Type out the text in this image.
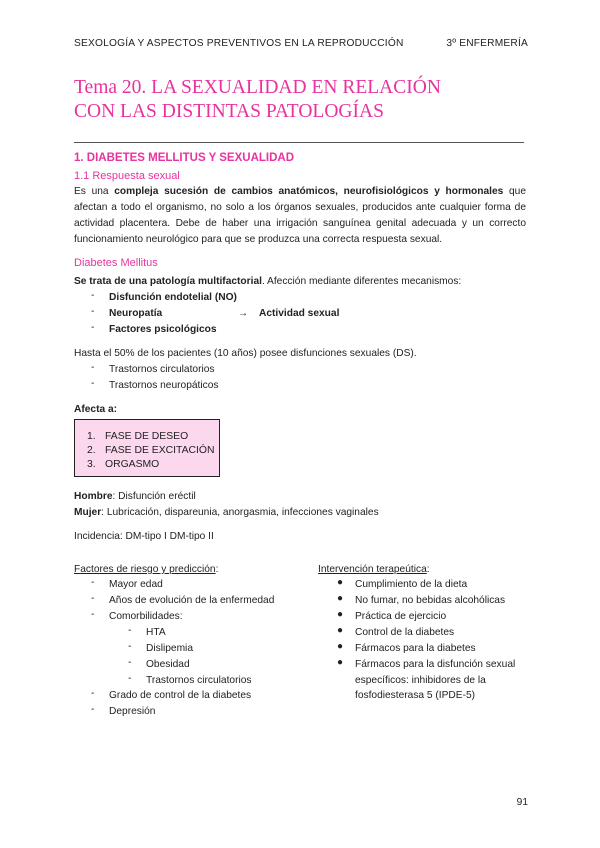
SEXOLOGÍA Y ASPECTOS PREVENTIVOS EN LA REPRODUCCIÓN	3º ENFERMERÍA
Tema 20. LA SEXUALIDAD EN RELACIÓN
CON LAS DISTINTAS PATOLOGÍAS
1. DIABETES MELLITUS Y SEXUALIDAD
1.1 Respuesta sexual

Es una compleja sucesión de cambios anatómicos, neurofisiológicos y hormonales que afectan a todo el organismo, no solo a los órganos sexuales, producidos ante cualquier forma de actividad placentera. Debe de haber una irrigación sanguínea genital adecuada y un correcto funcionamiento neurológico para que se produzca una correcta respuesta sexual.

Diabetes Mellitus
Se trata de una patología multifactorial. Afección mediante diferentes mecanismos:
- Disfunción endotelial (NO)
- Neuropatía	→ Actividad sexual
- Factores psicológicos
Hasta el 50% de los pacientes (10 años) posee disfunciones sexuales (DS).
- Trastornos circulatorios
- Trastornos neuropáticos
Afecta a:
1. FASE DE DESEO
2. FASE DE EXCITACIÓN
3. ORGASMO
Hombre: Disfunción eréctil
Mujer: Lubricación, dispareunia, anorgasmia, infecciones vaginales
Incidencia: DM-tipo I DM-tipo II
Factores de riesgo y predicción:
- Mayor edad
- Años de evolución de la enfermedad
- Comorbilidades:
- HTA
- Dislipemia
- Obesidad
- Trastornos circulatorios
- Grado de control de la diabetes
- Depresión
Intervención terapeútica:
● Cumplimiento de la dieta
● No fumar, no bebidas alcohólicas
● Práctica de ejercicio
● Control de la diabetes
● Fármacos para la diabetes
● Fármacos para la disfunción sexual
específicos: inhibidores de la
fosfodiesterasa 5 (IPDE-5)
91
